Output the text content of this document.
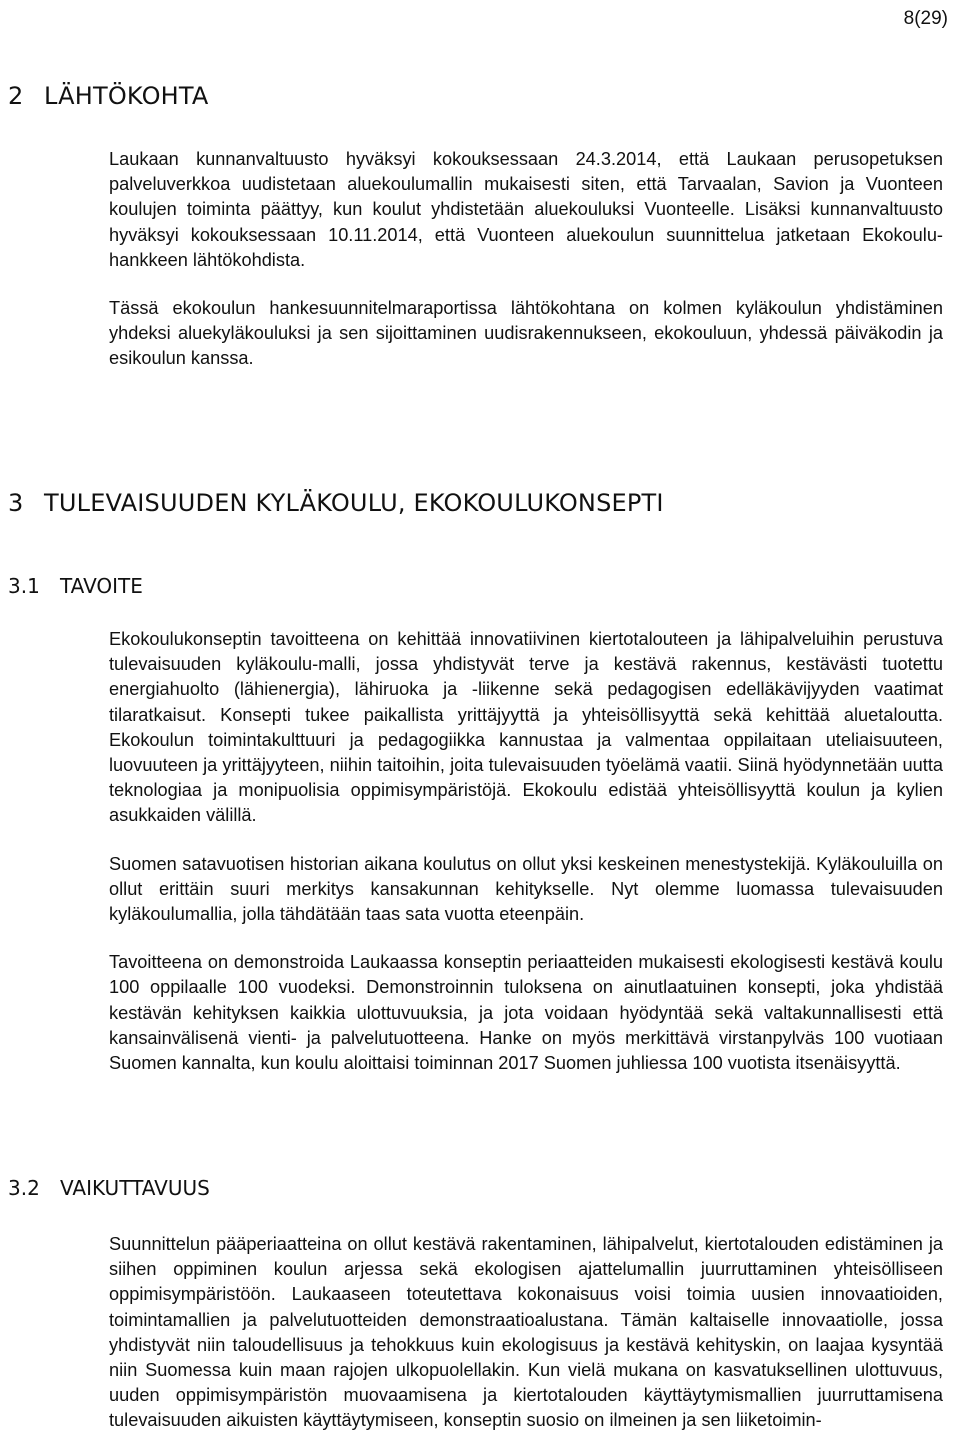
8(29)
2 LÄHTÖKOHTA

Laukaan kunnanvaltuusto hyväksyi kokouksessaan 24.3.2014, että Laukaan perusopetuksen palveluverkkoa uudistetaan aluekoulumallin mukaisesti siten, että Tarvaalan, Savion ja Vuonteen koulujen toiminta päättyy, kun koulut yhdistetään aluekouluksi Vuonteelle. Lisäksi kunnanvaltuusto hyväksyi kokouksessaan 10.11.2014, että Vuonteen aluekoulun suunnittelua jatketaan Ekokoulu-hankkeen lähtökohdista.

Tässä ekokoulun hankesuunnitelmaraportissa lähtökohtana on kolmen kyläkoulun yhdistäminen yhdeksi aluekyläkouluksi ja sen sijoittaminen uudisrakennukseen, ekokouluun, yhdessä päiväkodin ja esikoulun kanssa.

3 TULEVAISUUDEN KYLÄKOULU, EKOKOULUKONSEPTI
3.1 TAVOITE

Ekokoulukonseptin tavoitteena on kehittää innovatiivinen kiertotalouteen ja lähipalveluihin perustuva tulevaisuuden kyläkoulu-malli, jossa yhdistyvät terve ja kestävä rakennus, kestävästi tuotettu energiahuolto (lähienergia), lähiruoka ja -liikenne sekä pedagogisen edelläkävijyyden vaatimat tilaratkaisut. Konsepti tukee paikallista yrittäjyyttä ja yhteisöllisyyttä sekä kehittää aluetaloutta. Ekokoulun toimintakulttuuri ja pedagogiikka kannustaa ja valmentaa oppilaitaan uteliaisuuteen, luovuuteen ja yrittäjyyteen, niihin taitoihin, joita tulevaisuuden työelämä vaatii. Siinä hyödynnetään uutta teknologiaa ja monipuolisia oppimisympäristöjä. Ekokoulu edistää yhteisöllisyyttä koulun ja kylien asukkaiden välillä.

Suomen satavuotisen historian aikana koulutus on ollut yksi keskeinen menestystekijä. Kyläkouluilla on ollut erittäin suuri merkitys kansakunnan kehitykselle. Nyt olemme luomassa tulevaisuuden kyläkoulumallia, jolla tähdätään taas sata vuotta eteenpäin.

Tavoitteena on demonstroida Laukaassa konseptin periaatteiden mukaisesti ekologisesti kestävä koulu 100 oppilaalle 100 vuodeksi. Demonstroinnin tuloksena on ainutlaatuinen konsepti, joka yhdistää kestävän kehityksen kaikkia ulottuvuuksia, ja jota voidaan hyödyntää sekä valtakunnallisesti että kansainvälisenä vienti- ja palvelutuotteena. Hanke on myös merkittävä virstanpylväs 100 vuotiaan Suomen kannalta, kun koulu aloittaisi toiminnan 2017 Suomen juhliessa 100 vuotista itsenäisyyttä.

3.2 VAIKUTTAVUUS

Suunnittelun pääperiaatteina on ollut kestävä rakentaminen, lähipalvelut, kiertotalouden edistäminen ja siihen oppiminen koulun arjessa sekä ekologisen ajattelumallin juurruttaminen yhteisölliseen oppimisympäristöön. Laukaaseen toteutettava kokonaisuus voisi toimia uusien innovaatioiden, toimintamallien ja palvelutuotteiden demonstraatioalustana. Tämän kaltaiselle innovaatiolle, jossa yhdistyvät niin taloudellisuus ja tehokkuus kuin ekologisuus ja kestävä kehityskin, on laajaa kysyntää niin Suomessa kuin maan rajojen ulkopuolellakin. Kun vielä mukana on kasvatuksellinen ulottuvuus, uuden oppimisympäristön muovaamisena ja kiertotalouden käyttäytymismallien juurruttamisena tulevaisuuden aikuisten käyttäytymiseen, konseptin suosio on ilmeinen ja sen liiketoimin-
